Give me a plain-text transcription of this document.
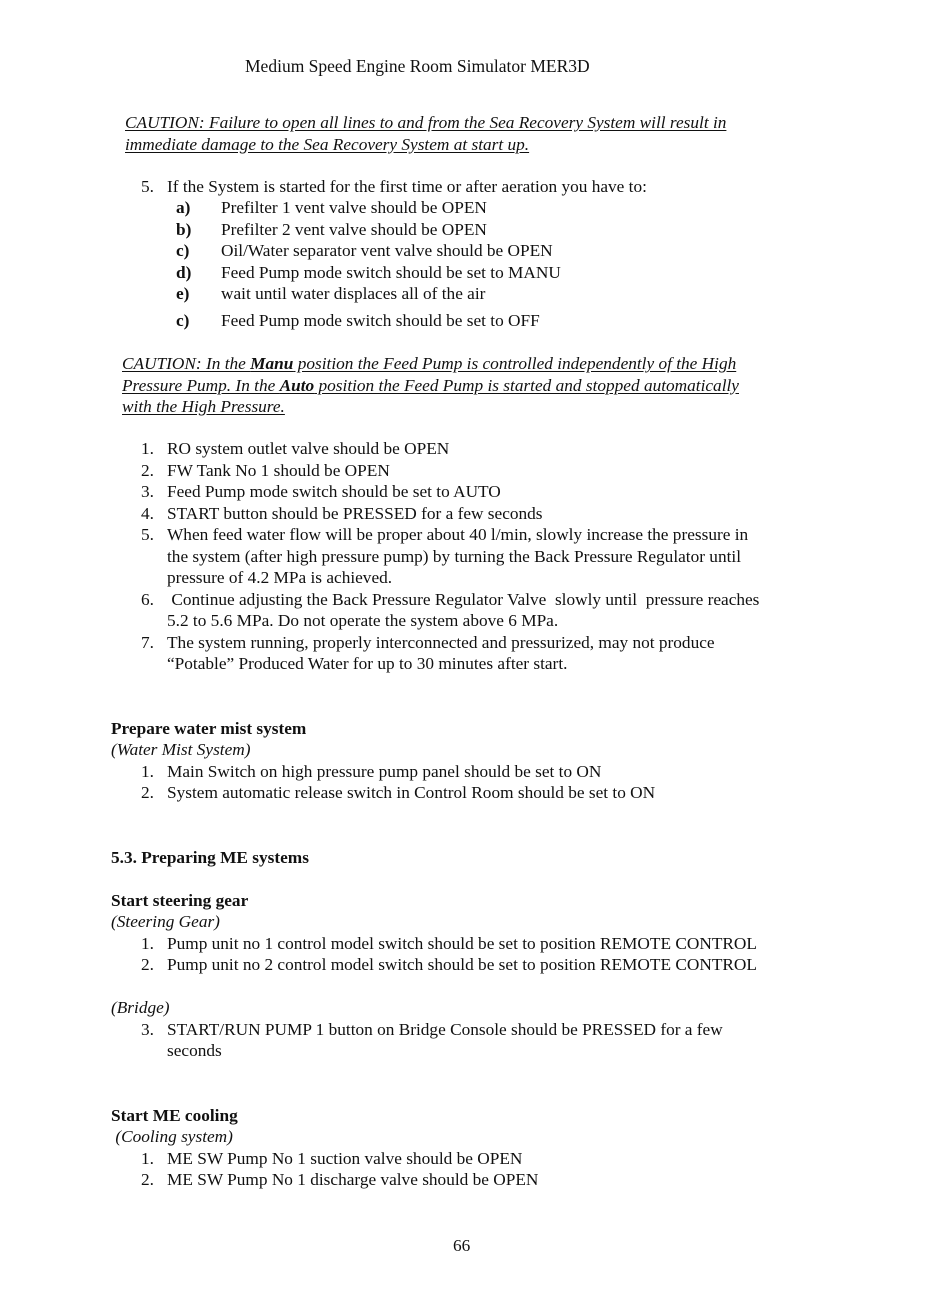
Medium Speed Engine Room Simulator MER3D
CAUTION: Failure to open all lines to and from the Sea Recovery System will result in
immediate damage to the Sea Recovery System at start up.
5. If the System is started for the first time or after aeration you have to:
a) Prefilter 1 vent valve should be OPEN
b) Prefilter 2 vent valve should be OPEN
c) Oil/Water separator vent valve should be OPEN
d) Feed Pump mode switch should be set to MANU
e) wait until water displaces all of the air
c) Feed Pump mode switch should be set to OFF
CAUTION: In the Manu position the Feed Pump is controlled independently of the High
Pressure Pump. In the Auto position the Feed Pump is started and stopped automatically
with the High Pressure.
1. RO system outlet valve should be OPEN
2. FW Tank No 1 should be OPEN
3. Feed Pump mode switch should be set to AUTO
4. START button should be PRESSED for a few seconds
5. When feed water flow will be proper about 40 l/min, slowly increase the pressure in
the system (after high pressure pump) by turning the Back Pressure Regulator until
pressure of 4.2 MPa is achieved.
6. Continue adjusting the Back Pressure Regulator Valve  slowly until  pressure reaches
5.2 to 5.6 MPa. Do not operate the system above 6 MPa.
7. The system running, properly interconnected and pressurized, may not produce
“Potable” Produced Water for up to 30 minutes after start.
Prepare water mist system
(Water Mist System)
1. Main Switch on high pressure pump panel should be set to ON
2. System automatic release switch in Control Room should be set to ON
5.3. Preparing ME systems
Start steering gear
(Steering Gear)
1. Pump unit no 1 control model switch should be set to position REMOTE CONTROL
2. Pump unit no 2 control model switch should be set to position REMOTE CONTROL
(Bridge)
3. START/RUN PUMP 1 button on Bridge Console should be PRESSED for a few
seconds
Start ME cooling
(Cooling system)
1. ME SW Pump No 1 suction valve should be OPEN
2. ME SW Pump No 1 discharge valve should be OPEN
66
